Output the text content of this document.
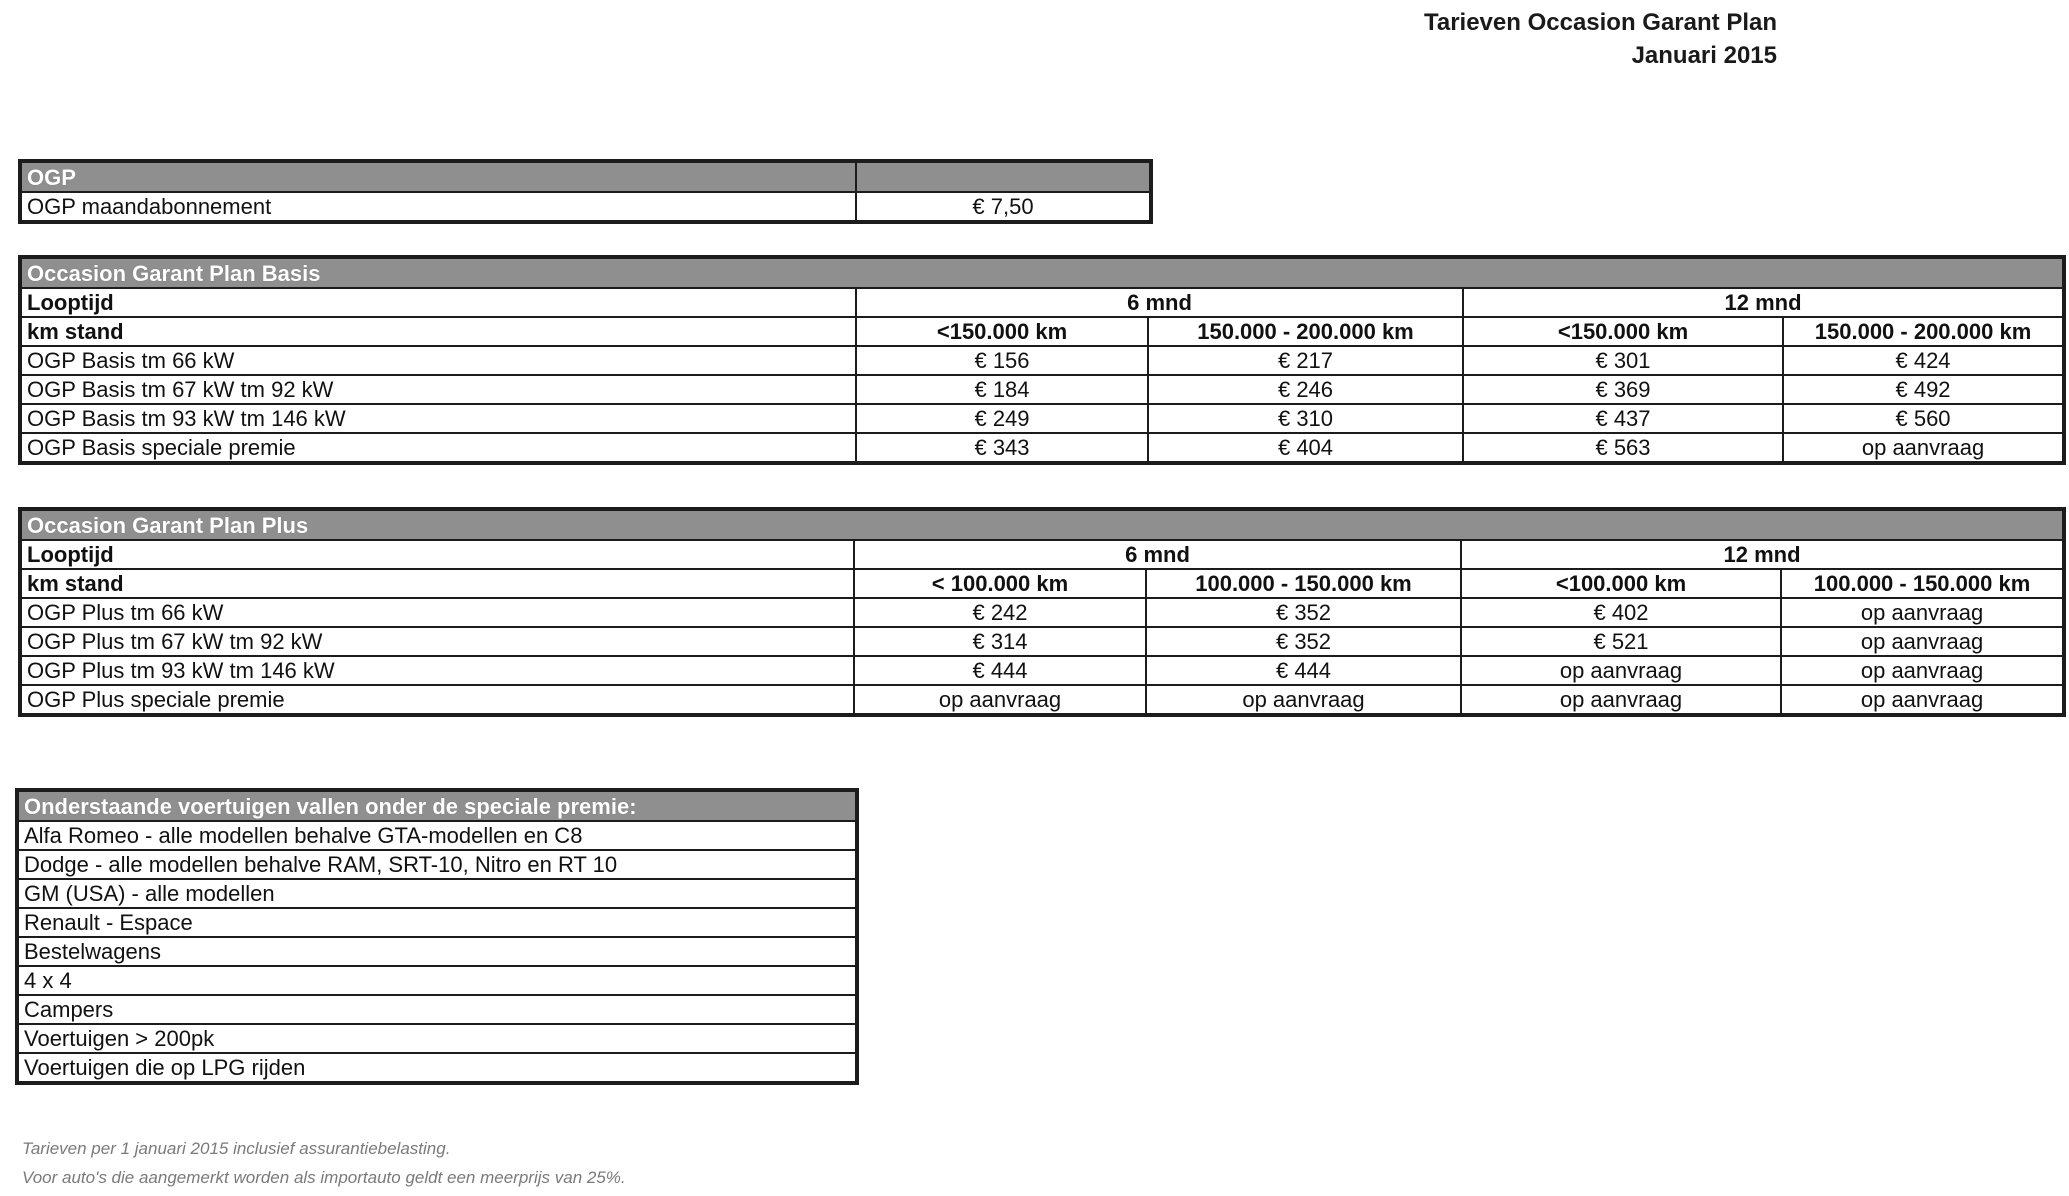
Tarieven Occasion Garant Plan
Januari 2015
OGP	
OGP maandabonnement	€ 7,50
Occasion Garant Plan Basis				
Looptijd	6 mnd		12 mnd	
km stand	<150.000 km	150.000 - 200.000 km	<150.000 km	150.000 - 200.000 km
OGP Basis tm 66 kW	€ 156	€ 217	€ 301	€ 424
OGP Basis tm 67 kW tm 92 kW	€ 184	€ 246	€ 369	€ 492
OGP Basis tm 93 kW tm 146 kW	€ 249	€ 310	€ 437	€ 560
OGP Basis speciale premie	€ 343	€ 404	€ 563	op aanvraag
Occasion Garant Plan Plus				
Looptijd	6 mnd		12 mnd	
km stand	< 100.000 km	100.000 - 150.000 km	<100.000 km	100.000 - 150.000 km
OGP Plus tm 66 kW	€ 242	€ 352	€ 402	op aanvraag
OGP Plus tm 67 kW tm 92 kW	€ 314	€ 352	€ 521	op aanvraag
OGP Plus tm 93 kW tm 146 kW	€ 444	€ 444	op aanvraag	op aanvraag
OGP Plus speciale premie	op aanvraag	op aanvraag	op aanvraag	op aanvraag
Onderstaande voertuigen vallen onder de speciale premie:
Alfa Romeo - alle modellen behalve GTA-modellen en C8
Dodge - alle modellen behalve RAM, SRT-10, Nitro en RT 10
GM (USA) - alle modellen
Renault - Espace
Bestelwagens
4 x 4
Campers
Voertuigen > 200pk
Voertuigen die op LPG rijden
Tarieven per 1 januari 2015 inclusief assurantiebelasting.
Voor auto's die aangemerkt worden als importauto geldt een meerprijs van 25%.
